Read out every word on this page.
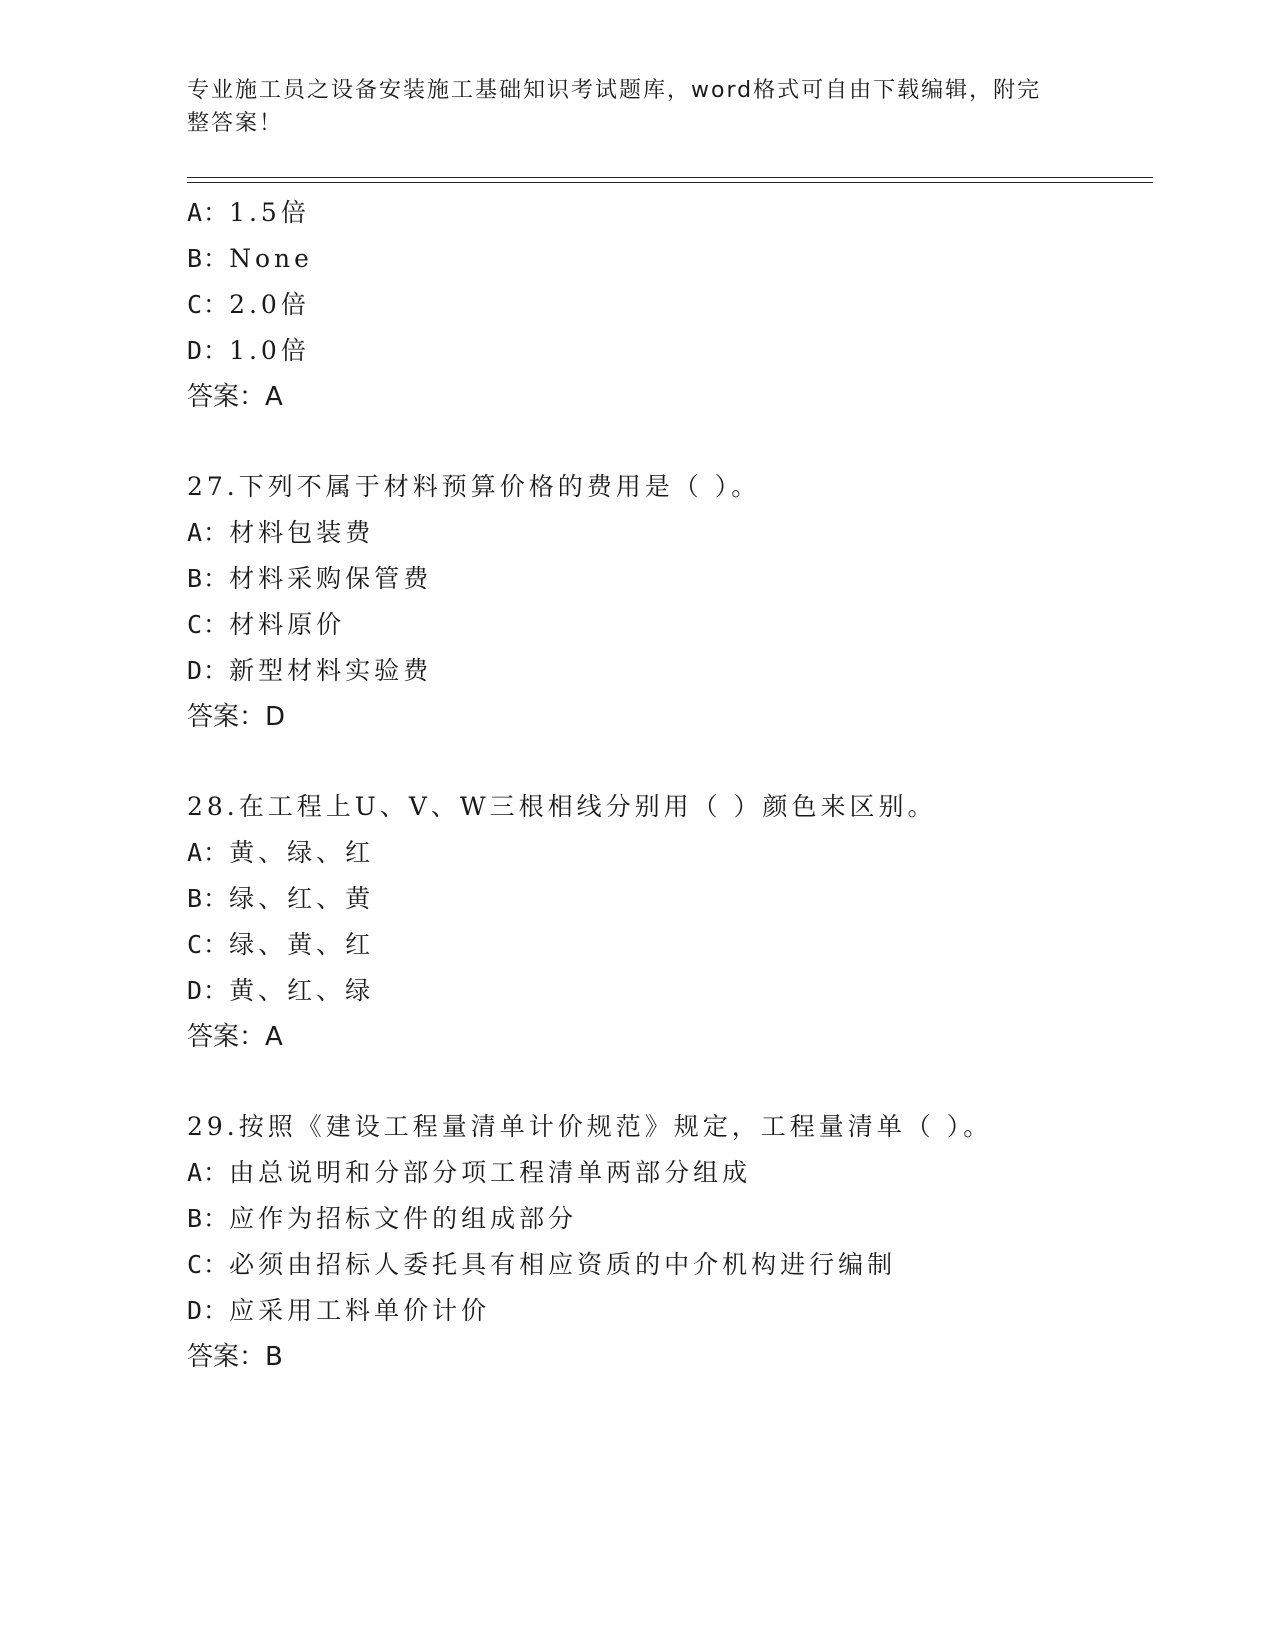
专业施工员之设备安装施工基础知识考试题库，word格式可自由下载编辑，附完
整答案！
A：1.5倍
B：None
C：2.0倍
D：1.0倍
答案：A
27.下列不属于材料预算价格的费用是（ ）。
A：材料包装费
B：材料采购保管费
C：材料原价
D：新型材料实验费
答案：D
28.在工程上U、V、W三根相线分别用（ ）颜色来区别。
A：黄、绿、红
B：绿、红、黄
C：绿、黄、红
D：黄、红、绿
答案：A
29.按照《建设工程量清单计价规范》规定，工程量清单（ ）。
A：由总说明和分部分项工程清单两部分组成
B：应作为招标文件的组成部分
C：必须由招标人委托具有相应资质的中介机构进行编制
D：应采用工料单价计价
答案：B
